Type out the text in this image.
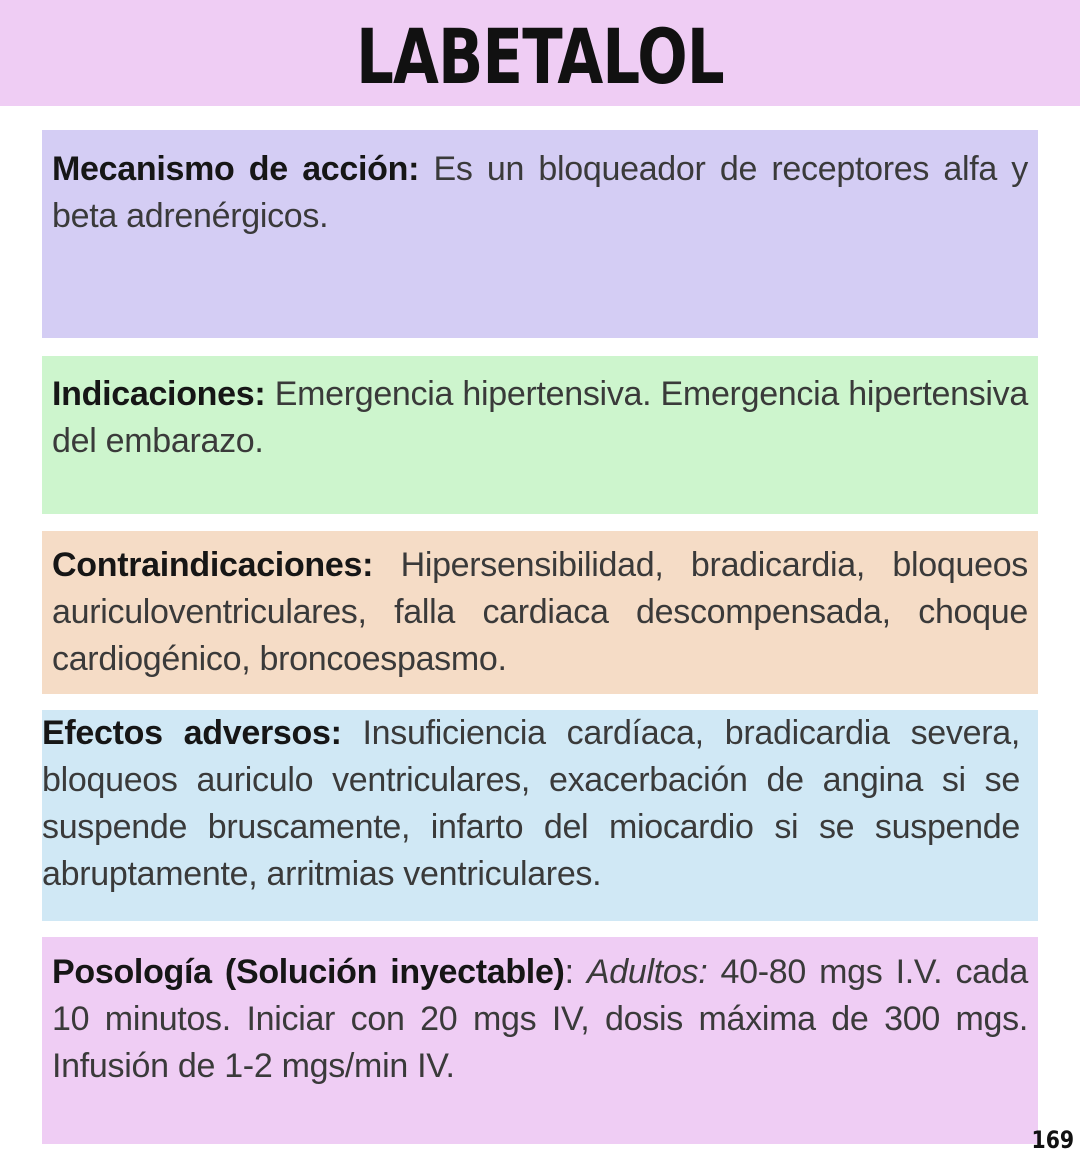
LABETALOL

Mecanismo de acción: Es un bloqueador de receptores alfa y beta adrenérgicos.

Indicaciones: Emergencia hipertensiva. Emergencia hipertensiva del embarazo.

Contraindicaciones: Hipersensibilidad, bradicardia, bloqueos auriculoventriculares, falla cardiaca descompensada, choque cardiogénico, broncoespasmo.

Efectos adversos: Insuficiencia cardíaca, bradicardia severa, bloqueos auriculo ventriculares, exacerbación de angina si se suspende bruscamente, infarto del miocardio si se suspende abruptamente, arritmias ventriculares.

Posología (Solución inyectable): Adultos: 40-80 mgs I.V. cada 10 minutos. Iniciar con 20 mgs IV, dosis máxima de 300 mgs. Infusión de 1-2 mgs/min IV.

169
